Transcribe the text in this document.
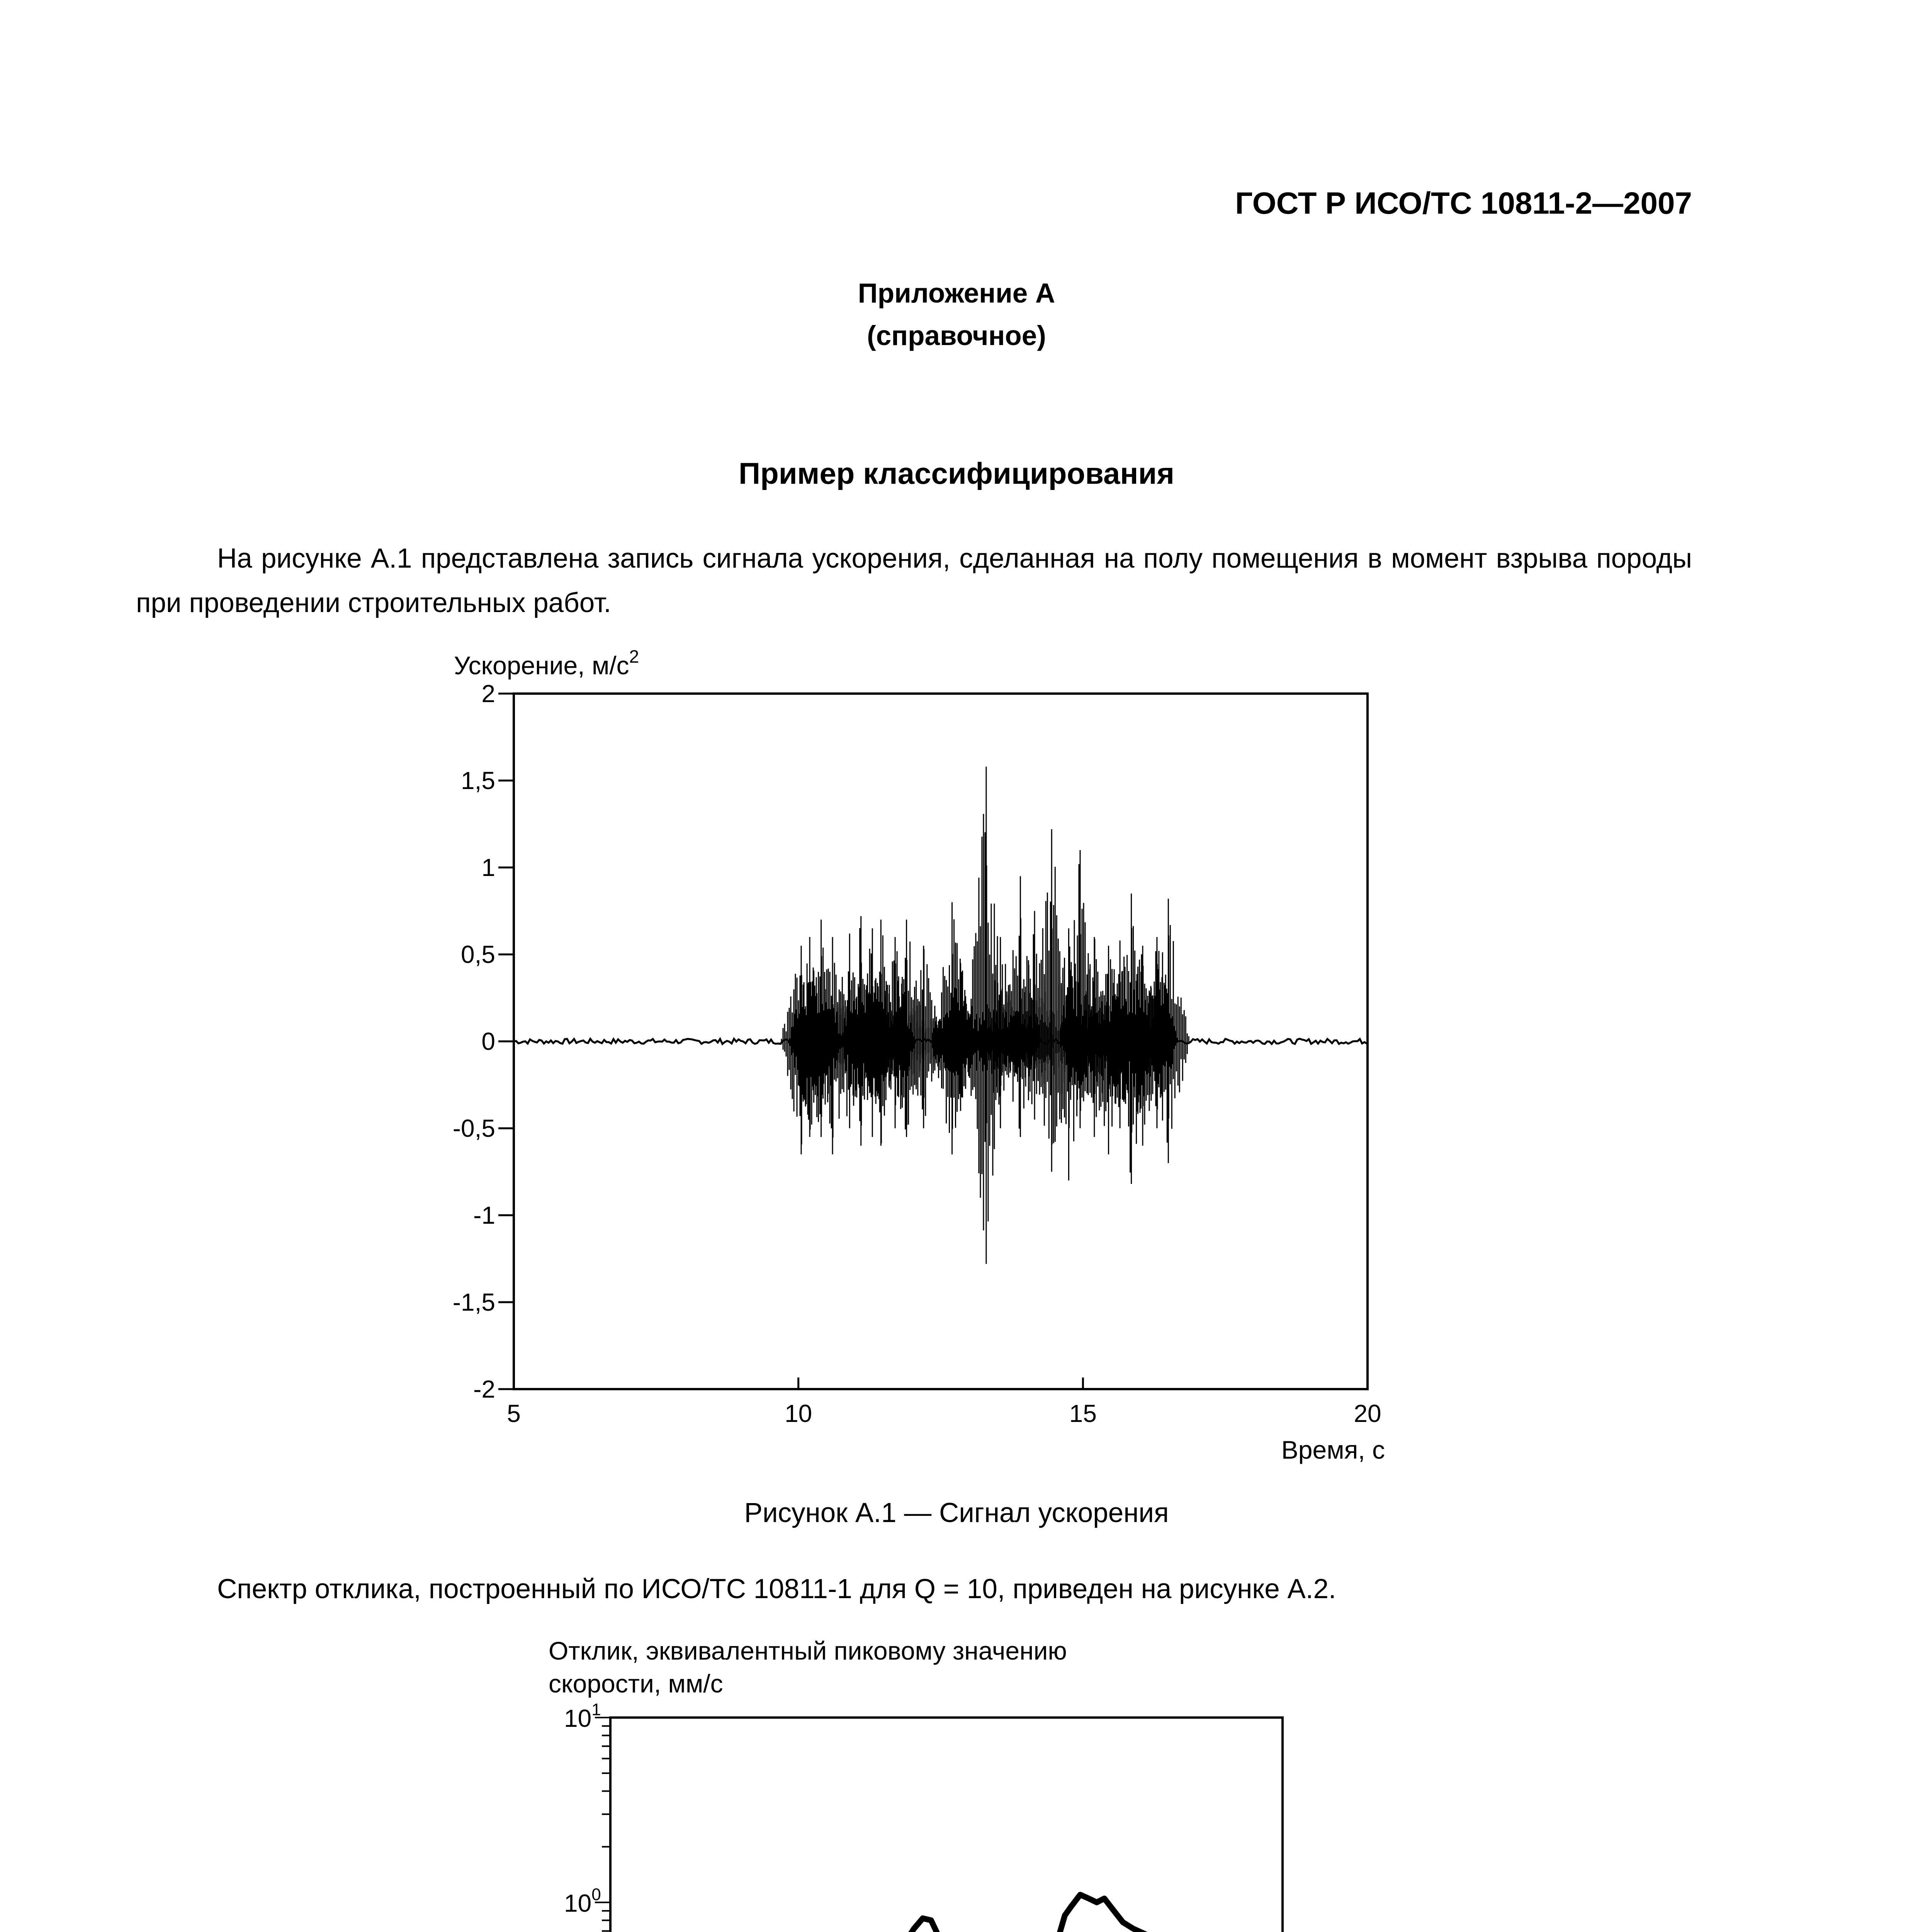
ГОСТ Р ИСО/ТС 10811-2—2007
Приложение А
(справочное)
Пример классифицирования
На рисунке А.1 представлена запись сигнала ускорения, сделанная на полу помещения в момент взрыва породы при проведении строительных работ.
Рисунок А.1 — Сигнал ускорения
Спектр отклика, построенный по ИСО/ТС 10811-1 для Q = 10, приведен на рисунке А.2.
2
1,5
1
0,5
0
-0,5
-1
-1,5
-2
5	10	15	20
Ускорение, $м/с^2$
Время, с
$10^1$
$10^0$
Отклик, эквивалентный пиковому значению
скорости, мм/с
